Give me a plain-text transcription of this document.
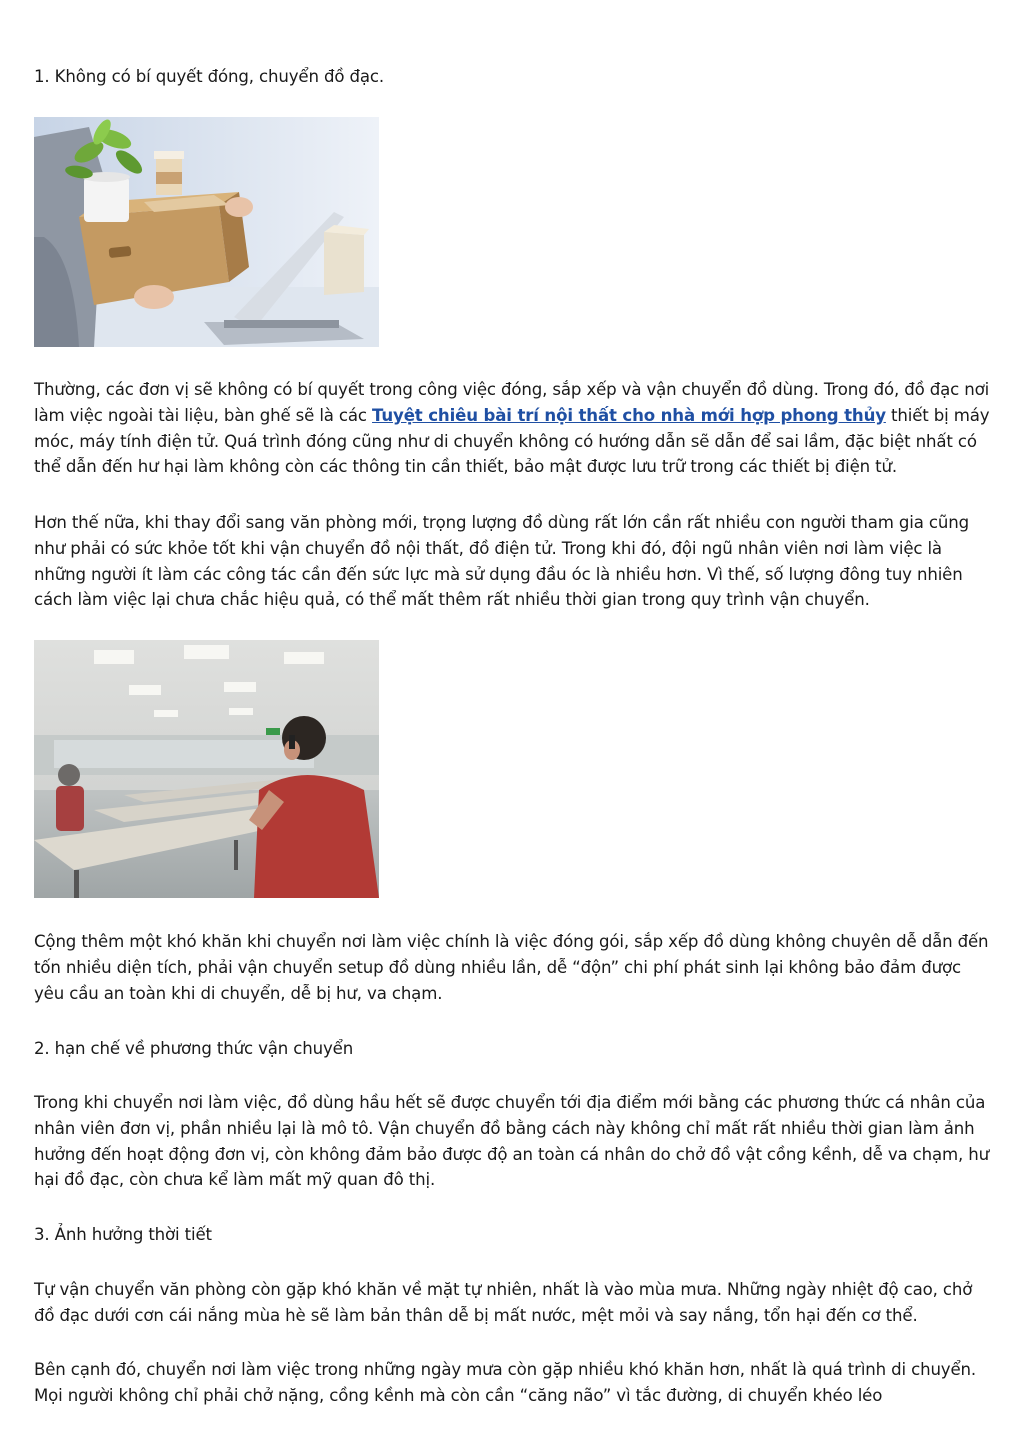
1. Không có bí quyết đóng, chuyển đồ đạc.

Thường, các đơn vị sẽ không có bí quyết trong công việc đóng, sắp xếp và vận chuyển đồ dùng. Trong đó, đồ đạc nơi làm việc ngoài tài liệu, bàn ghế sẽ là các Tuyệt chiêu bài trí nội thất cho nhà mới hợp phong thủy thiết bị máy móc, máy tính điện tử. Quá trình đóng cũng như di chuyển không có hướng dẫn sẽ dẫn để sai lầm, đặc biệt nhất có thể dẫn đến hư hại làm không còn các thông tin cần thiết, bảo mật được lưu trữ trong các thiết bị điện tử.

Hơn thế nữa, khi thay đổi sang văn phòng mới, trọng lượng đồ dùng rất lớn cần rất nhiều con người tham gia cũng như phải có sức khỏe tốt khi vận chuyển đồ nội thất, đồ điện tử. Trong khi đó, đội ngũ nhân viên nơi làm việc là những người ít làm các công tác cần đến sức lực mà sử dụng đầu óc là nhiều hơn. Vì thế, số lượng đông tuy nhiên cách làm việc lại chưa chắc hiệu quả, có thể mất thêm rất nhiều thời gian trong quy trình vận chuyển.

Cộng thêm một khó khăn khi chuyển nơi làm việc chính là việc đóng gói, sắp xếp đồ dùng không chuyên dễ dẫn đến tốn nhiều diện tích, phải vận chuyển setup đồ dùng nhiều lần, dễ “độn” chi phí phát sinh lại không bảo đảm được yêu cầu an toàn khi di chuyển, dễ bị hư, va chạm.

2. hạn chế về phương thức vận chuyển

Trong khi chuyển nơi làm việc, đồ dùng hầu hết sẽ được chuyển tới địa điểm mới bằng các phương thức cá nhân của nhân viên đơn vị, phần nhiều lại là mô tô. Vận chuyển đồ bằng cách này không chỉ mất rất nhiều thời gian làm ảnh hưởng đến hoạt động đơn vị, còn không đảm bảo được độ an toàn cá nhân do chở đồ vật cồng kềnh, dễ va chạm, hư hại đồ đạc, còn chưa kể làm mất mỹ quan đô thị.

3. Ảnh hưởng thời tiết

Tự vận chuyển văn phòng còn gặp khó khăn về mặt tự nhiên, nhất là vào mùa mưa. Những ngày nhiệt độ cao, chở đồ đạc dưới cơn cái nắng mùa hè sẽ làm bản thân dễ bị mất nước, mệt mỏi và say nắng, tổn hại đến cơ thể.

Bên cạnh đó, chuyển nơi làm việc trong những ngày mưa còn gặp nhiều khó khăn hơn, nhất là quá trình di chuyển. Mọi người không chỉ phải chở nặng, cồng kềnh mà còn cần “căng não” vì tắc đường, di chuyển khéo léo
